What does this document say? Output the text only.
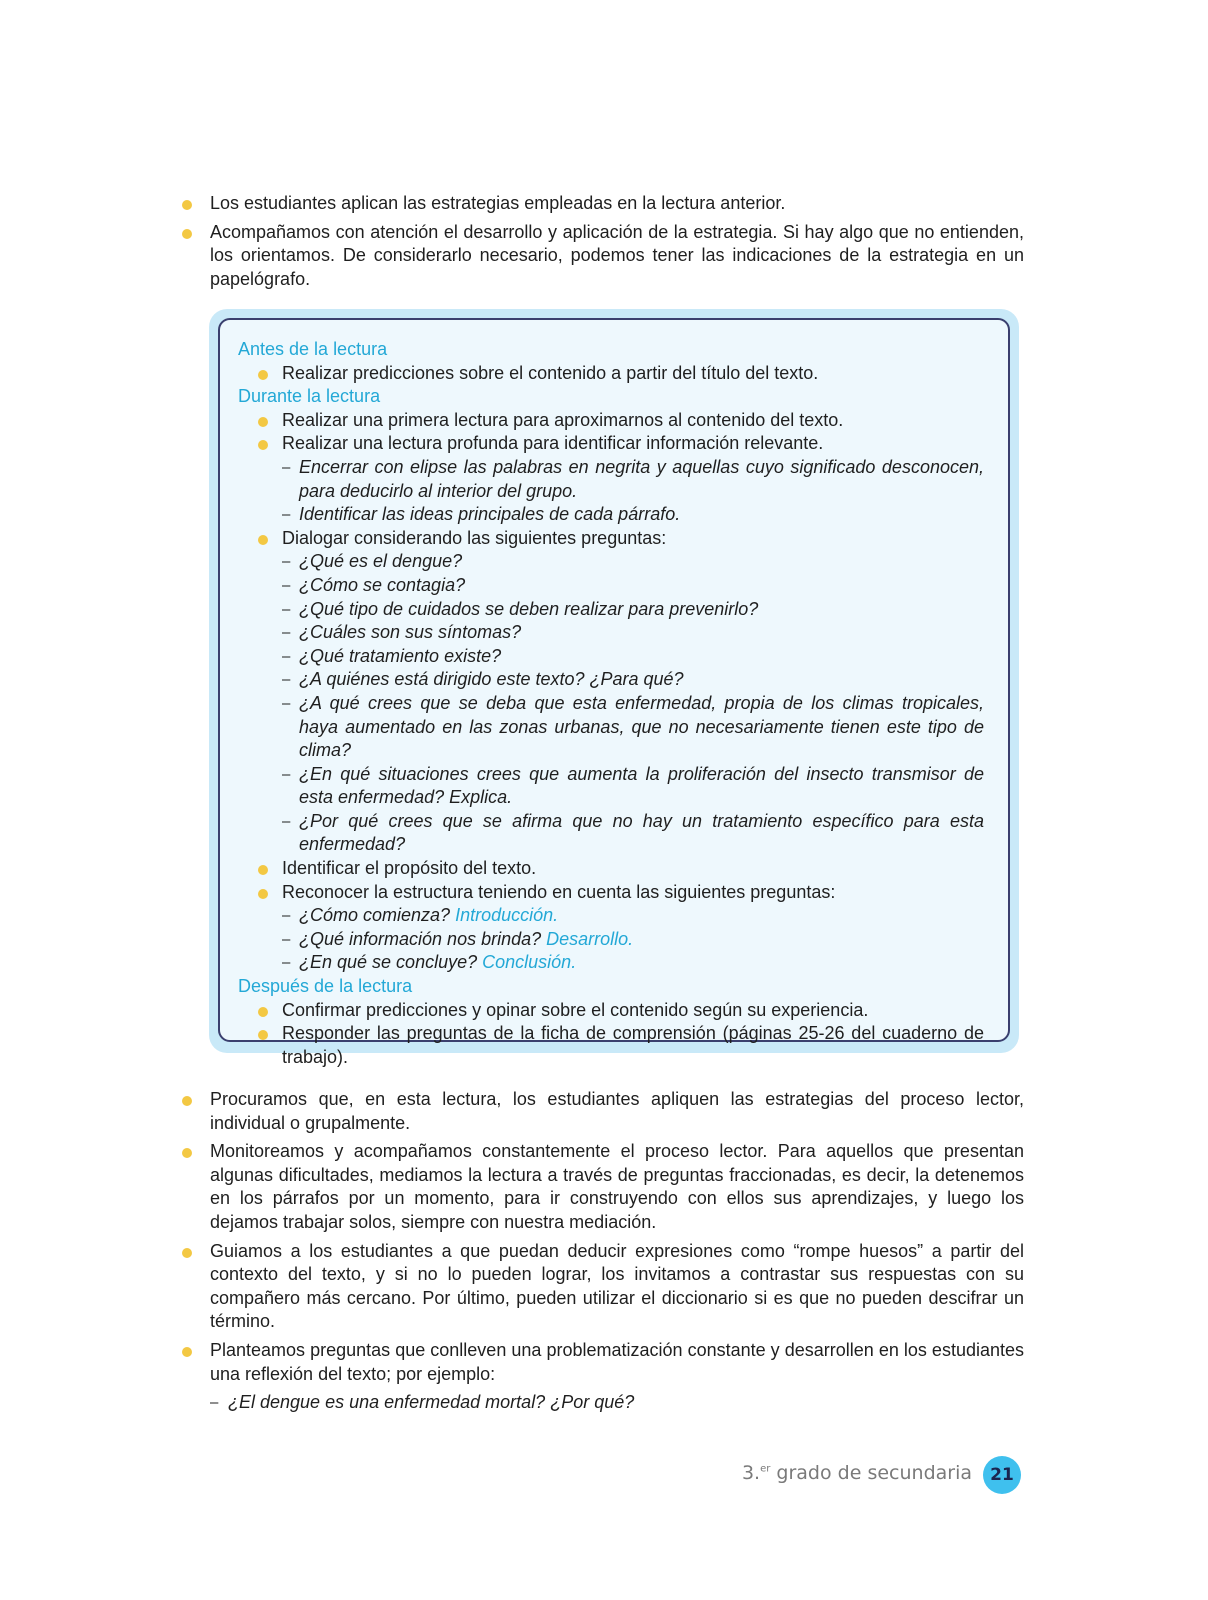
Los estudiantes aplican las estrategias empleadas en la lectura anterior.
Acompañamos con atención el desarrollo y aplicación de la estrategia. Si hay algo que no entienden, los orientamos. De considerarlo necesario, podemos tener las indicaciones de la estrategia en un papelógrafo.

Antes de la lectura

Realizar predicciones sobre el contenido a partir del título del texto.

Durante la lectura

Realizar una primera lectura para aproximarnos al contenido del texto.
Realizar una lectura profunda para identificar información relevante.
– Encerrar con elipse las palabras en negrita y aquellas cuyo significado desconocen, para deducirlo al interior del grupo.
– Identificar las ideas principales de cada párrafo.
Dialogar considerando las siguientes preguntas:
– ¿Qué es el dengue?
– ¿Cómo se contagia?
– ¿Qué tipo de cuidados se deben realizar para prevenirlo?
– ¿Cuáles son sus síntomas?
– ¿Qué tratamiento existe?
– ¿A quiénes está dirigido este texto? ¿Para qué?
– ¿A qué crees que se deba que esta enfermedad, propia de los climas tropicales, haya aumentado en las zonas urbanas, que no necesariamente tienen este tipo de clima?
– ¿En qué situaciones crees que aumenta la proliferación del insecto transmisor de esta enfermedad? Explica.
– ¿Por qué crees que se afirma que no hay un tratamiento específico para esta enfermedad?
Identificar el propósito del texto.
Reconocer la estructura teniendo en cuenta las siguientes preguntas:
– ¿Cómo comienza? Introducción.
– ¿Qué información nos brinda? Desarrollo.
– ¿En qué se concluye? Conclusión.

Después de la lectura

Confirmar predicciones y opinar sobre el contenido según su experiencia.
Responder las preguntas de la ficha de comprensión (páginas 25-26 del cuaderno de trabajo).
Procuramos que, en esta lectura, los estudiantes apliquen las estrategias del proceso lector, individual o grupalmente.
Monitoreamos y acompañamos constantemente el proceso lector. Para aquellos que presentan algunas dificultades, mediamos la lectura a través de preguntas fraccionadas, es decir, la detenemos en los párrafos por un momento, para ir construyendo con ellos sus aprendizajes, y luego los dejamos trabajar solos, siempre con nuestra mediación.
Guiamos a los estudiantes a que puedan deducir expresiones como “rompe huesos” a partir del contexto del texto, y si no lo pueden lograr, los invitamos a contrastar sus respuestas con su compañero más cercano. Por último, pueden utilizar el diccionario si es que no pueden descifrar un término.
Planteamos preguntas que conlleven una problematización constante y desarrollen en los estudiantes una reflexión del texto; por ejemplo:
– ¿El dengue es una enfermedad mortal? ¿Por qué?
3.$^{er}$ grado de secundaria	21
